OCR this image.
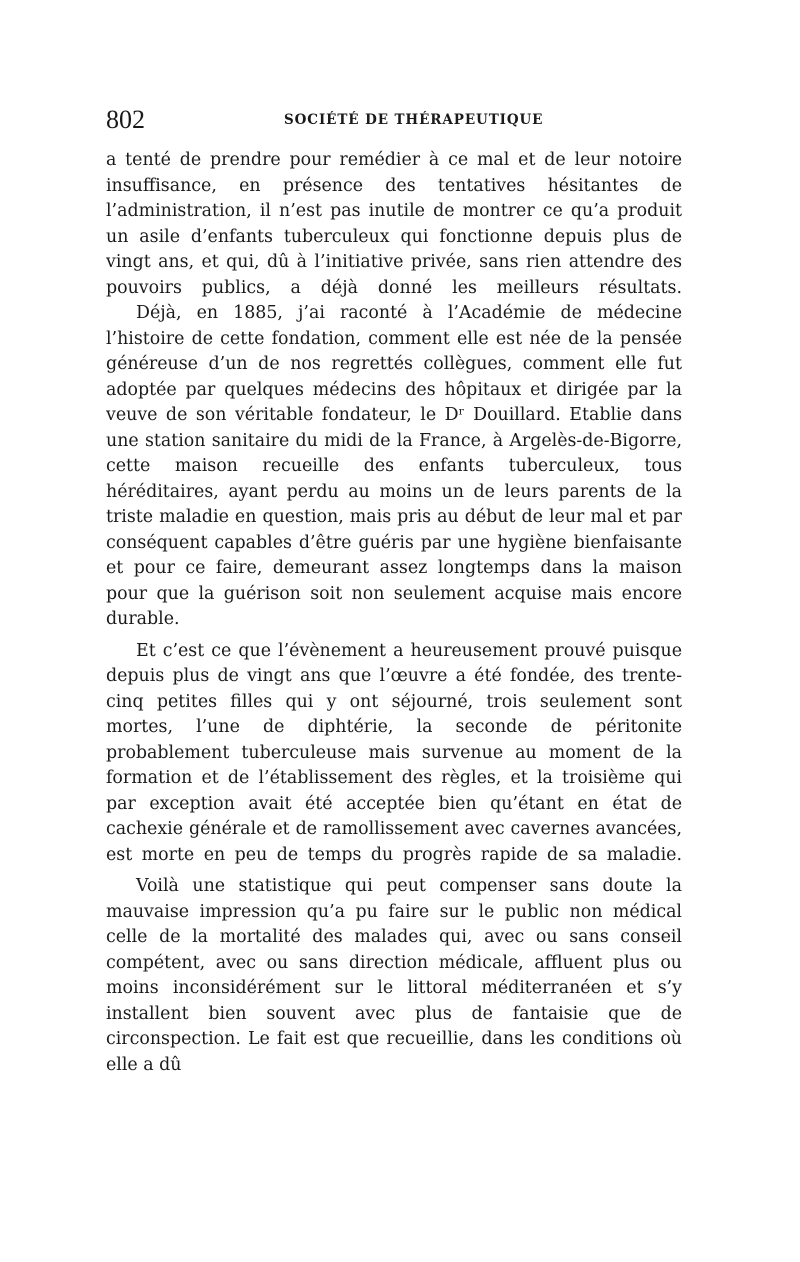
802	SOCIÉTÉ DE THÉRAPEUTIQUE

a tenté de prendre pour remédier à ce mal et de leur notoire insuffisance, en présence des tentatives hésitantes de l’administration, il n’est pas inutile de montrer ce qu’a produit un asile d’enfants tuberculeux qui fonctionne depuis plus de vingt ans, et qui, dû à l’initiative privée, sans rien attendre des pouvoirs publics, a déjà donné les meilleurs résultats.

Déjà, en 1885, j’ai raconté à l’Académie de médecine l’histoire de cette fondation, comment elle est née de la pensée généreuse d’un de nos regrettés collègues, comment elle fut adoptée par quelques médecins des hôpitaux et dirigée par la veuve de son véritable fondateur, le Dʳ Douillard. Etablie dans une station sanitaire du midi de la France, à Argelès-de-Bigorre, cette maison recueille des enfants tuberculeux, tous héréditaires, ayant perdu au moins un de leurs parents de la triste maladie en question, mais pris au début de leur mal et par conséquent capables d’être guéris par une hygiène bienfaisante et pour ce faire, demeurant assez longtemps dans la maison pour que la guérison soit non seulement acquise mais encore durable.

Et c’est ce que l’évènement a heureusement prouvé puisque depuis plus de vingt ans que l’œuvre a été fondée, des trente-cinq petites filles qui y ont séjourné, trois seulement sont mortes, l’une de diphtérie, la seconde de péritonite probablement tuberculeuse mais survenue au moment de la formation et de l’établissement des règles, et la troisième qui par exception avait été acceptée bien qu’étant en état de cachexie générale et de ramollissement avec cavernes avancées, est morte en peu de temps du progrès rapide de sa maladie.

Voilà une statistique qui peut compenser sans doute la mauvaise impression qu’a pu faire sur le public non médical celle de la mortalité des malades qui, avec ou sans conseil compétent, avec ou sans direction médicale, affluent plus ou moins inconsidérément sur le littoral méditerranéen et s’y installent bien souvent avec plus de fantaisie que de circonspection. Le fait est que recueillie, dans les conditions où elle a dû
